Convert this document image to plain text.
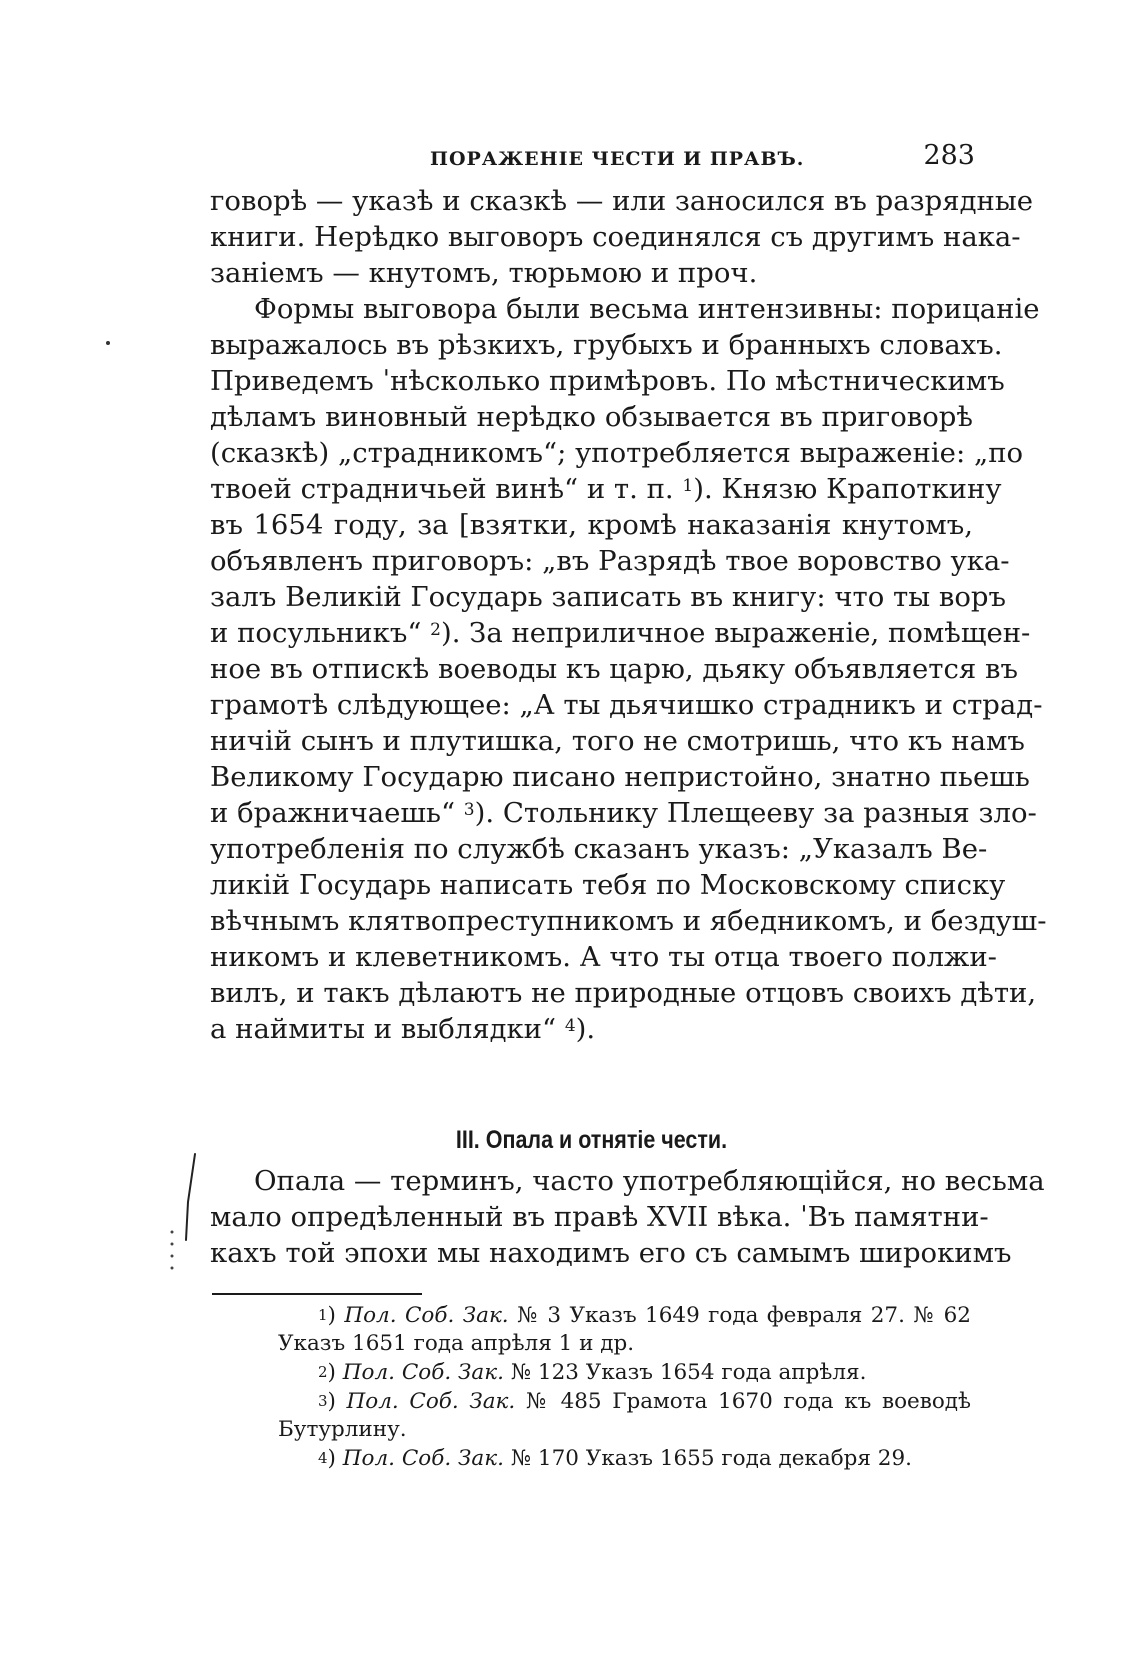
ПОРАЖЕНІЕ ЧЕСТИ И ПРАВЪ.	283
говорѣ — указѣ и сказкѣ — или заносился въ разрядные
книги. Нерѣдко выговоръ соединялся съ другимъ нака-
заніемъ — кнутомъ, тюрьмою и проч.
Формы выговора были весьма интензивны: порицаніе
выражалось въ рѣзкихъ, грубыхъ и бранныхъ словахъ.
Приведемъ ˈнѣсколько примѣровъ. По мѣстническимъ
дѣламъ виновный нерѣдко обзывается въ приговорѣ
(сказкѣ) „страдникомъ“; употребляется выраженіе: „по
твоей страдничьей винѣ“ и т. п. $^1$). Князю Крапоткину
въ 1654 году, за [взятки, кромѣ наказанія кнутомъ,
объявленъ приговоръ: „въ Разрядѣ твое воровство ука-
залъ Великій Государь записать въ книгу: что ты воръ
и посульникъ“ $^2$). За неприличное выраженіе, помѣщен-
ное въ отпискѣ воеводы къ царю, дьяку объявляется въ
грамотѣ слѣдующее: „А ты дьячишко страдникъ и страд-
ничій сынъ и плутишка, того не смотришь, что къ намъ
Великому Государю писано непристойно, знатно пьешь
и бражничаешь“ $^3$). Стольнику Плещееву за разныя зло-
употребленія по службѣ сказанъ указъ: „Указалъ Ве-
ликій Государь написать тебя по Московскому списку
вѣчнымъ клятвопреступникомъ и ябедникомъ, и бездуш-
никомъ и клеветникомъ. А что ты отца твоего полжи-
вилъ, и такъ дѣлаютъ не природные отцовъ своихъ дѣти,
а наймиты и выблядки“ $^4$).
III. Опала и отнятіе чести.
Опала — терминъ, часто употребляющійся, но весьма
мало опредѣленный въ правѣ XVII вѣка. ˈВъ памятни-
кахъ той эпохи мы находимъ его съ самымъ широкимъ
$^1$) Пол. Соб. Зак. № 3 Указъ 1649 года февраля 27. № 62
Указъ 1651 года апрѣля 1 и др.
$^2$) Пол. Соб. Зак. № 123 Указъ 1654 года апрѣля.
$^3$) Пол. Соб. Зак. № 485 Грамота 1670 года къ воеводѣ
Бутурлину.
$^4$) Пол. Соб. Зак. № 170 Указъ 1655 года декабря 29.
